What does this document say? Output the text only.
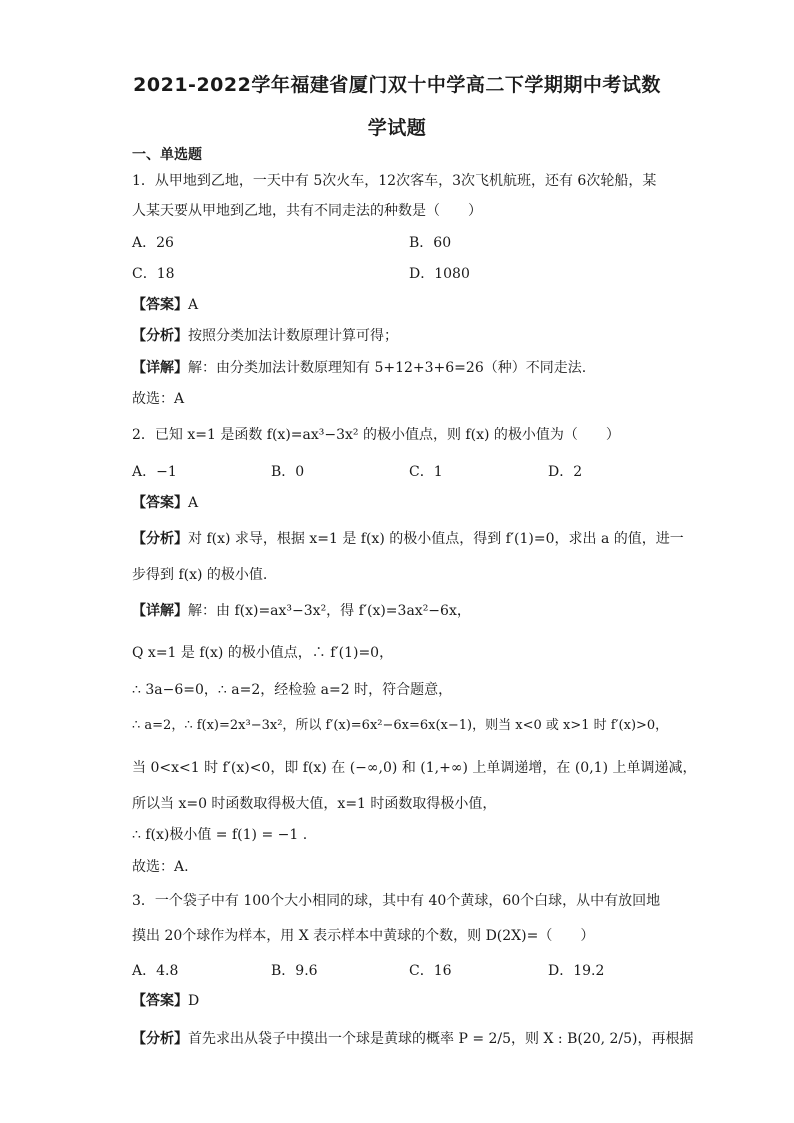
2021-2022学年福建省厦门双十中学高二下学期期中考试数
学试题
一、单选题
1．从甲地到乙地，一天中有 5次火车，12次客车，3次飞机航班，还有 6次轮船，某
人某天要从甲地到乙地，共有不同走法的种数是（　　）
A．26	B．60
C．18	D．1080
【答案】A
【分析】按照分类加法计数原理计算可得；
【详解】解：由分类加法计数原理知有 5+12+3+6=26（种）不同走法.
故选：A
2．已知 x=1 是函数 f(x)=ax³−3x² 的极小值点，则 f(x) 的极小值为（　　）
A．−1	B．0	C．1	D．2
【答案】A
【分析】对 f(x) 求导，根据 x=1 是 f(x) 的极小值点，得到 f′(1)=0，求出 a 的值，进一
步得到 f(x) 的极小值.
【详解】解：由 f(x)=ax³−3x²，得 f′(x)=3ax²−6x，
Q x=1 是 f(x) 的极小值点，∴ f′(1)=0，
∴ 3a−6=0，∴ a=2，经检验 a=2 时，符合题意，
∴ a=2，∴ f(x)=2x³−3x²，所以 f′(x)=6x²−6x=6x(x−1)，则当 x<0 或 x>1 时 f′(x)>0，
当 0<x<1 时 f′(x)<0，即 f(x) 在 (−∞,0) 和 (1,+∞) 上单调递增，在 (0,1) 上单调递减，
所以当 x=0 时函数取得极大值，x=1 时函数取得极小值，
∴ f(x)极小值 = f(1) = −1 .
故选：A.
3．一个袋子中有 100个大小相同的球，其中有 40个黄球，60个白球，从中有放回地
摸出 20个球作为样本，用 X 表示样本中黄球的个数，则 D(2X)=（　　）
A．4.8	B．9.6	C．16	D．19.2
【答案】D
【分析】首先求出从袋子中摸出一个球是黄球的概率 P = 2/5，则 X : B(20, 2/5)，再根据
